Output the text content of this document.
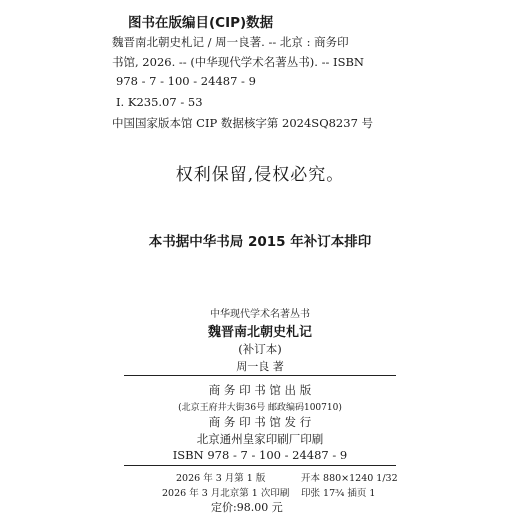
图书在版编目(CIP)数据
魏晋南北朝史札记 / 周一良著. -- 北京 : 商务印
书馆, 2026. -- (中华现代学术名著丛书). -- ISBN
978 - 7 - 100 - 24487 - 9
Ⅰ. K235.07 - 53
中国国家版本馆 CIP 数据核字第 2024SQ8237 号
权利保留,侵权必究。
本书据中华书局 2015 年补订本排印
中华现代学术名著丛书
魏晋南北朝史札记
(补订本)
周一良 著
商 务 印 书 馆 出 版
(北京王府井大街36号 邮政编码100710)
商 务 印 书 馆 发 行
北京通州皇家印刷厂印刷
ISBN 978 - 7 - 100 - 24487 - 9
2026 年 3 月第 1 版	开本 880×1240 1/32
2026 年 3 月北京第 1 次印刷 印张 17¾ 插页 1
定价:98.00 元
